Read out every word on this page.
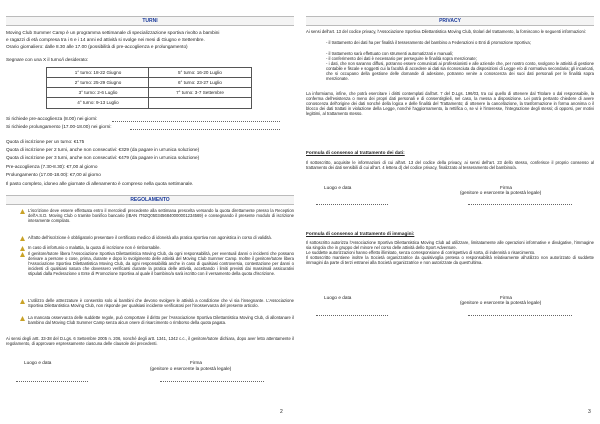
TURNI
Moving Club Summer Camp è un programma settimanale di specializzazione sportiva rivolto a bambini
e ragazzi di età compresa tra i 6 e i 14 anni ed attività si svolge nei mesi di Giugno e Settembre.
Orario giornaliero: dalle 8.30 alle 17.00 (possibilità di pre-accoglienza e prolungamento)
Segnare con una X il turno/i desiderato:
1° turno: 18-22 Giugno	5° turno: 16-20 Luglio
2° turno: 25-29 Giugno	6° turno: 23-27 Luglio
3° turno: 2-6 Luglio	7° turno: 3-7 Settembre
4° turno: 9-13 Luglio
Si richiede pre-accoglienza (8.00) nei giorni:
Si richiede prolungamento (17.00-18.00) nei giorni:
Quota di iscrizione per un turno: €175
Quota di iscrizione per 2 turni, anche non consecutivi: €329 (da pagare in un'unica soluzione)
Quota di iscrizione per 3 turni, anche non consecutivi: €479 (da pagare in un'unica soluzione)
Pre-accoglienza (7.30-8.30): €7,00 al giorno
Prolungamento (17.00-18.00): €7,00 al giorno
Il pasto completo, idoneo alle giornate di allenamento è compreso nella quota settimanale.
REGOLAMENTO
L'iscrizione deve essere effettuata entro il mercoledì precedente alla settimana prescelta versando la quota direttamente presso la Reception dell'A.S.D. Moving Club o tramite bonifico bancario (IBAN IT62Q0503456840000001234569) e consegnando il presente modulo di iscrizione interamente compilato.
All'atto dell'iscrizione è obbligatorio presentare il certificato medico di idoneità alla pratica sportiva non agonistica in corso di validità.
In caso di infortunio o malattia, la quota di iscrizione non è rimborsabile.
Il genitore/tutore libera l'Associazione Sportiva Dilettantistica Moving Club, da ogni responsabilità, per eventuali danni o incidenti che possano derivare a persone o cose, prima, durante e dopo lo svolgimento delle attività del Moving Club Summer Camp. Inoltre il genitore/tutore libera l'Associazione Sportiva Dilettantistica Moving Club, da ogni responsabilità anche in caso di qualsiasi controversia, contestazione per danni o incidenti di qualsiasi natura che dovessero verificarsi durante la pratica delle attività, accettando i limiti previsti dai massimali assicurativi stipulati dalla Federazione o Ente di Promozione Sportiva al quale il bambino/a sarà iscritto con il versamento della quota d'iscrizione.
L'utilizzo delle attrezzature è consentito solo ai bambini che devono svolgere le attività a condizione che vi sia l'insegnante. L'Associazione Sportiva Dilettantistica Moving Club, non risponde per qualsiasi incidente verificatosi per l'inosservanza del presente articolo.
La mancata osservanza delle suddette regole, può comportare il diritto per l'Associazione Sportiva Dilettantistica Moving Club, di allontanare il bambino dal Moving Club Summer Camp senza alcun onere di risarcimento o rimborso della quota pagata.
Ai sensi degli artt. 33-38 del D.Lgs. 6 Settembre 2005 n. 206, nonché degli artt. 1341, 1342 c.c., il genitore/tutore dichiara, dopo aver letto attentamente il regolamento, di approvare espressamente ciascuna delle clausole dei precedenti.
Luogo e data	Firma
(genitore o esercente la potestà legale)
2
PRIVACY
Ai sensi dell'art. 13 del codice privacy, l'Associazione Sportiva Dilettantistica Moving Club, titolari del trattamento, la forniscono le seguenti informazioni:
- il trattamento dei dati ha per finalità il tesseramento del bambino a Federazioni o Enti di promozione Sportiva;
- il trattamento sarà effettuato con strumenti automatizzati e manuali;
- il conferimento dei dati è necessario per perseguire le finalità sopra menzionate;
- i dati, che non saranno diffusi, potranno essere comunicati ai professionisti e alle aziende che, per nostro conto, svolgono le attività di gestione contabile e fiscale e soggetti cui la facoltà di accedere ai dati sia riconosciuta da disposizioni di Legge e/o di normativa secondaria; gli incaricati, che si occupano della gestione delle domande di adesione, potranno venire a conoscenza dei suoi dati personali per le finalità sopra menzionate.
La informiamo, infine, che potrà esercitare i diritti contemplati dall'art. 7 del D.Lgs. 196/03, tra cui quello di ottenere dal Titolare o dal responsabile, la conferma dell'esistenza o meno dei propri dati personali e di consentirglieli, nel caso, la messa a disposizione. Lei potrà pertanto chiedere di avere conoscenza dell'origine dei dati nonché della logica e delle finalità del Trattamento; di ottenere la cancellazione, la trasformazione in forma anonima o il blocco dei dati trattati in violazione della Legge, nonché l'aggiornamento, la rettifica o, se vi è l'interesse, l'integrazione degli stessi; di opporsi, per motivi legittimi, al trattamento stesso.
Formula di consenso al trattamento dei dati:
Il sottoscritto, acquisite le informazioni di cui all'art. 13 del codice della privacy, ai sensi dell'art. 23 dello stesso, conferisce il proprio consenso al trattamento dei dati sensibili di cui all'art. 4 lettera d) del codice privacy, finalizzato al tesseramento del bambino/a.
Luogo e data	Firma
(genitore o esercente la potestà legale)
Formula di consenso al trattamento di immagini:
Il sottoscritto autorizza l'Associazione Sportiva Dilettantistica Moving Club ad utilizzare, limitatamente alle operazioni informative e divulgative, l'immagine sia singola che in gruppo del minore nel corso delle attività dello Sport Adventure.
Le suddette autorizzazioni hanno effetto illimitato, senza corresponsione di corrispettivo di sorta, di indennità o risarcimento.
Il sottoscritto mantiene inoltre la Società organizzatrice da qualsivoglia pretesa o responsabilità relativamente all'utilizzo non autorizzato di suddette immagini da parte di terzi estranei alla Società organizzatrice e non autorizzate da quest'ultima.
Luogo e data	Firma
(genitore o esercente la potestà legale)
3
